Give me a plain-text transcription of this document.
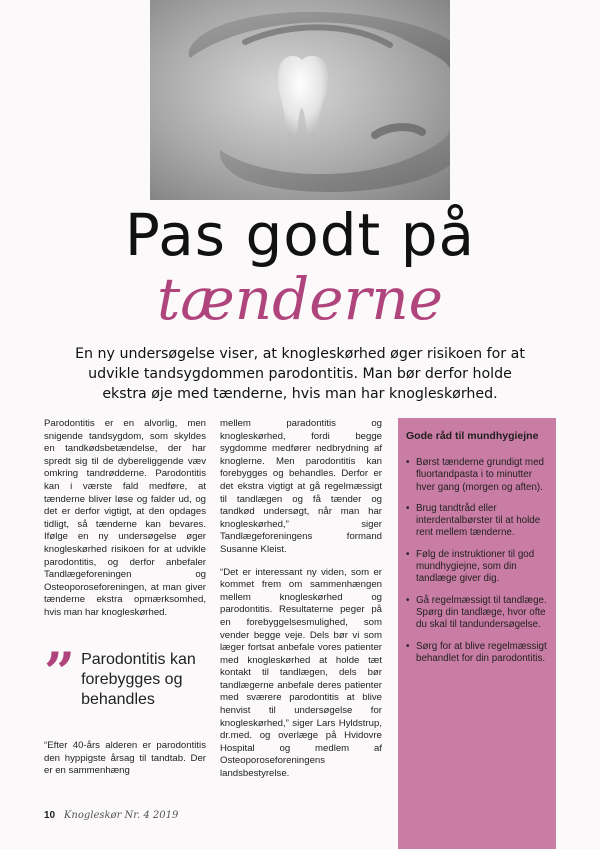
Pas godt på
tænderne
En ny undersøgelse viser, at knogleskørhed øger risikoen for at udvikle tandsygdommen parodontitis. Man bør derfor holde ekstra øje med tænderne, hvis man har knogleskørhed.

Parodontitis er en alvorlig, men snigende tandsygdom, som skyldes en tandkødsbetændelse, der har spredt sig til de dybereliggende væv omkring tandrødderne. Parodontitis kan i værste fald medføre, at tænderne bliver løse og falder ud, og det er derfor vigtigt, at den opdages tidligt, så tænderne kan bevares. Ifølge en ny undersøgelse øger knogleskørhed risikoen for at udvikle parodontitis, og derfor anbefaler Tandlægeforeningen og Osteoporoseforeningen, at man giver tænderne ekstra opmærksomhed, hvis man har knogleskørhed.

” Parodontitis kan forebygges og behandles

“Efter 40-års alderen er parodontitis den hyppigste årsag til tandtab. Der er en sammenhæng

mellem paradontitis og knogleskørhed, fordi begge sygdomme medfører nedbrydning af knoglerne. Men parodontitis kan forebygges og behandles. Derfor er det ekstra vigtigt at gå regelmæssigt til tandlægen og få tænder og tandkød undersøgt, når man har knogleskørhed,” siger Tandlægeforeningens formand Susanne Kleist.

“Det er interessant ny viden, som er kommet frem om sammenhængen mellem knogleskørhed og parodontitis. Resultaterne peger på en forebyggelsesmulighed, som vender begge veje. Dels bør vi som læger fortsat anbefale vores patienter med knogleskørhed at holde tæt kontakt til tandlægen, dels bør tandlægerne anbefale deres patienter med sværere parodontitis at blive henvist til undersøgelse for knogleskørhed,” siger Lars Hyldstrup, dr.med. og overlæge på Hvidovre Hospital og medlem af Osteoporoseforeningens landsbestyrelse.

Gode råd til mundhygiejne
• Børst tænderne grundigt med fluortandpasta i to minutter hver gang (morgen og aften).
• Brug tandtråd eller interdentalbørster til at holde rent mellem tænderne.
• Følg de instruktioner til god mundhygiejne, som din tandlæge giver dig.
• Gå regelmæssigt til tandlæge. Spørg din tandlæge, hvor ofte du skal til tandundersøgelse.
• Sørg for at blive regelmæssigt behandlet for din parodontitis.
10 Knogleskør Nr. 4 2019
